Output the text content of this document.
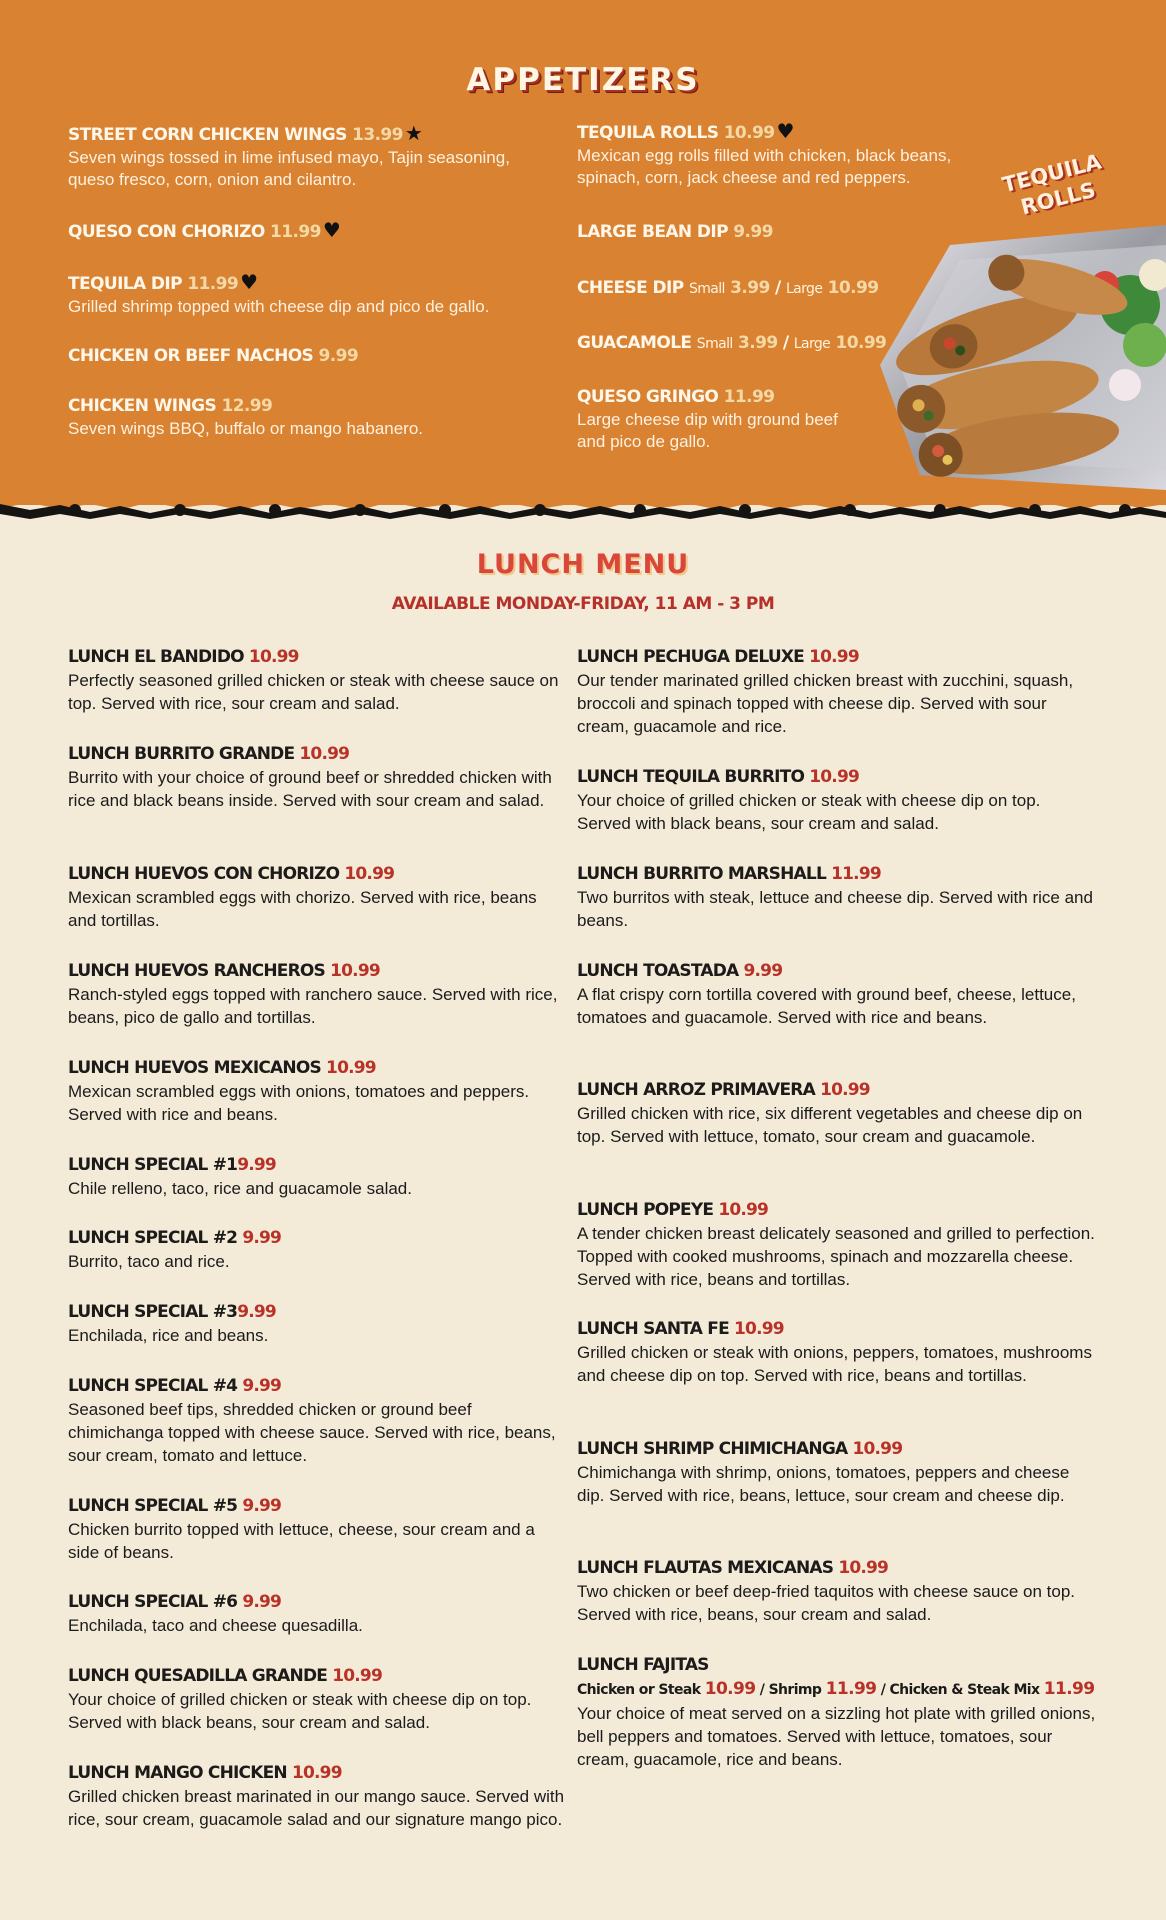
APPETIZERS
STREET CORN CHICKEN WINGS 13.99 ★
Seven wings tossed in lime infused mayo, Tajin seasoning, queso fresco, corn, onion and cilantro.
QUESO CON CHORIZO 11.99 ♥
TEQUILA DIP 11.99 ♥
Grilled shrimp topped with cheese dip and pico de gallo.
CHICKEN OR BEEF NACHOS 9.99
CHICKEN WINGS 12.99
Seven wings BBQ, buffalo or mango habanero.
TEQUILA ROLLS 10.99 ♥
Mexican egg rolls filled with chicken, black beans, spinach, corn, jack cheese and red peppers.
LARGE BEAN DIP 9.99
CHEESE DIP Small 3.99 / Large 10.99
GUACAMOLE Small 3.99 / Large 10.99
QUESO GRINGO 11.99
Large cheese dip with ground beef and pico de gallo.
TEQUILA ROLLS
LUNCH MENU
AVAILABLE MONDAY-FRIDAY, 11 AM - 3 PM
LUNCH EL BANDIDO 10.99
Perfectly seasoned grilled chicken or steak with cheese sauce on top. Served with rice, sour cream and salad.
LUNCH BURRITO GRANDE 10.99
Burrito with your choice of ground beef or shredded chicken with rice and black beans inside. Served with sour cream and salad.
LUNCH HUEVOS CON CHORIZO 10.99
Mexican scrambled eggs with chorizo. Served with rice, beans and tortillas.
LUNCH HUEVOS RANCHEROS 10.99
Ranch-styled eggs topped with ranchero sauce. Served with rice, beans, pico de gallo and tortillas.
LUNCH HUEVOS MEXICANOS 10.99
Mexican scrambled eggs with onions, tomatoes and peppers. Served with rice and beans.
LUNCH SPECIAL #19.99
Chile relleno, taco, rice and guacamole salad.
LUNCH SPECIAL #2 9.99
Burrito, taco and rice.
LUNCH SPECIAL #39.99
Enchilada, rice and beans.
LUNCH SPECIAL #4 9.99
Seasoned beef tips, shredded chicken or ground beef chimichanga topped with cheese sauce. Served with rice, beans, sour cream, tomato and lettuce.
LUNCH SPECIAL #5 9.99
Chicken burrito topped with lettuce, cheese, sour cream and a side of beans.
LUNCH SPECIAL #6 9.99
Enchilada, taco and cheese quesadilla.
LUNCH QUESADILLA GRANDE 10.99
Your choice of grilled chicken or steak with cheese dip on top. Served with black beans, sour cream and salad.
LUNCH MANGO CHICKEN 10.99
Grilled chicken breast marinated in our mango sauce. Served with rice, sour cream, guacamole salad and our signature mango pico.
LUNCH PECHUGA DELUXE 10.99
Our tender marinated grilled chicken breast with zucchini, squash, broccoli and spinach topped with cheese dip. Served with sour cream, guacamole and rice.
LUNCH TEQUILA BURRITO 10.99
Your choice of grilled chicken or steak with cheese dip on top. Served with black beans, sour cream and salad.
LUNCH BURRITO MARSHALL 11.99
Two burritos with steak, lettuce and cheese dip. Served with rice and beans.
LUNCH TOASTADA 9.99
A flat crispy corn tortilla covered with ground beef, cheese, lettuce, tomatoes and guacamole. Served with rice and beans.
LUNCH ARROZ PRIMAVERA 10.99
Grilled chicken with rice, six different vegetables and cheese dip on top. Served with lettuce, tomato, sour cream and guacamole.
LUNCH POPEYE 10.99
A tender chicken breast delicately seasoned and grilled to perfection. Topped with cooked mushrooms, spinach and mozzarella cheese. Served with rice, beans and tortillas.
LUNCH SANTA FE 10.99
Grilled chicken or steak with onions, peppers, tomatoes, mushrooms and cheese dip on top. Served with rice, beans and tortillas.
LUNCH SHRIMP CHIMICHANGA 10.99
Chimichanga with shrimp, onions, tomatoes, peppers and cheese dip. Served with rice, beans, lettuce, sour cream and cheese dip.
LUNCH FLAUTAS MEXICANAS 10.99
Two chicken or beef deep-fried taquitos with cheese sauce on top. Served with rice, beans, sour cream and salad.
LUNCH FAJITAS
Chicken or Steak 10.99 / Shrimp 11.99 / Chicken & Steak Mix 11.99
Your choice of meat served on a sizzling hot plate with grilled onions, bell peppers and tomatoes. Served with lettuce, tomatoes, sour cream, guacamole, rice and beans.
